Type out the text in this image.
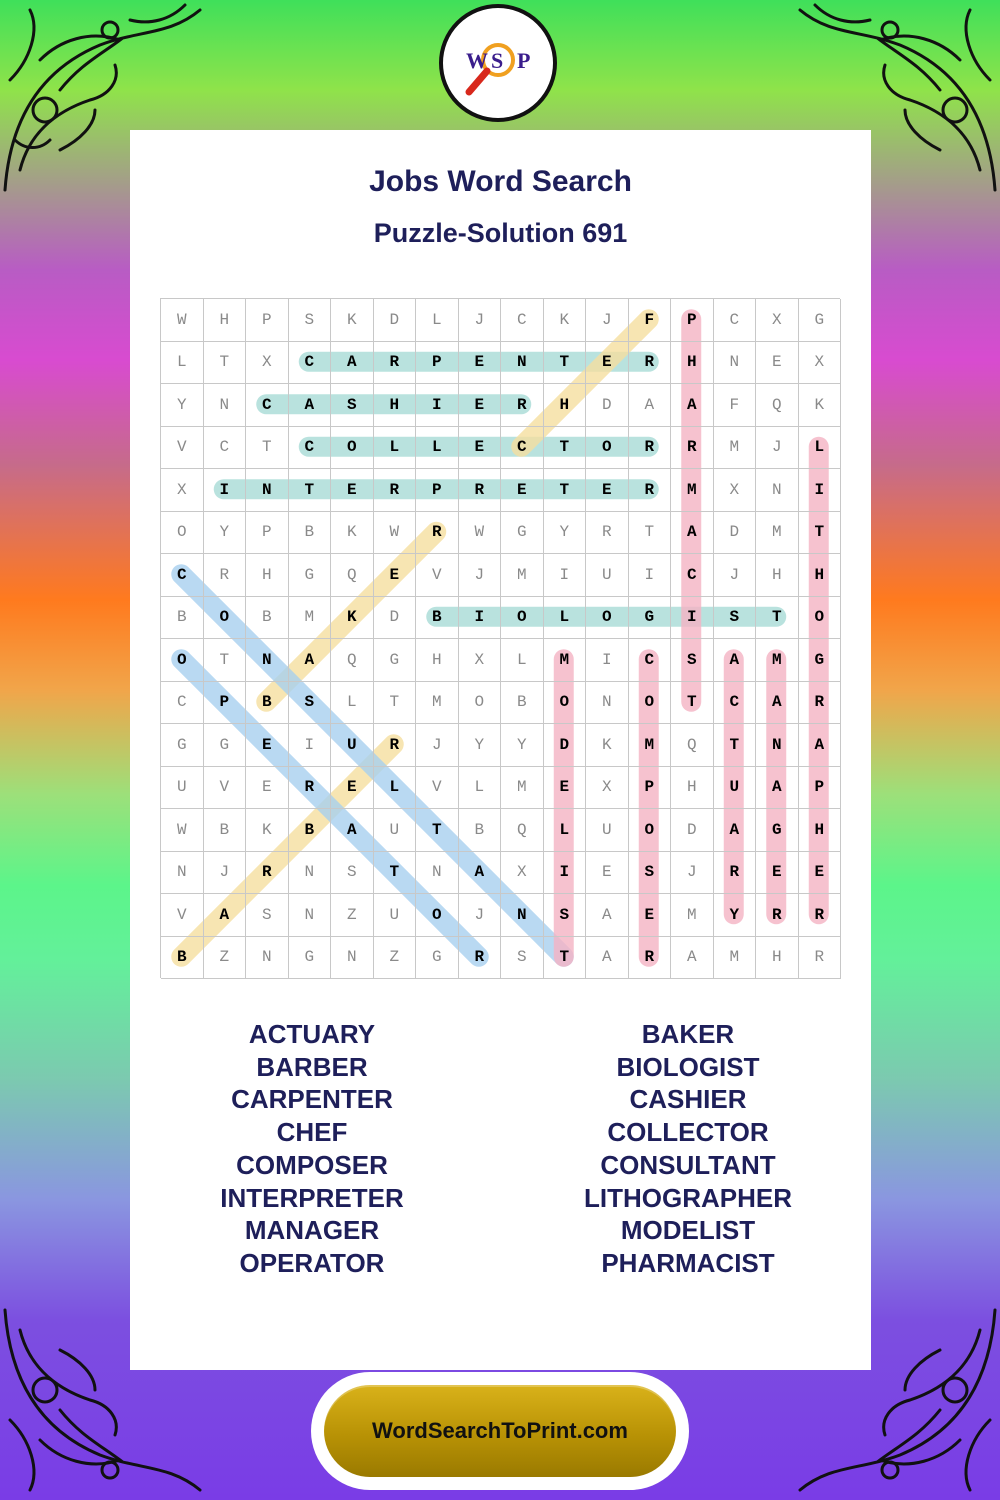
W S P
Jobs Word Search
Puzzle-Solution 691
W	H	P	S	K	D	L	J	C	K	J	F	P	C	X	G
L	T	X	C	A	R	P	E	N	T	E	R	H	N	E	X
Y	N	C	A	S	H	I	E	R	H	D	A	A	F	Q	K
V	C	T	C	O	L	L	E	C	T	O	R	R	M	J	L
X	I	N	T	E	R	P	R	E	T	E	R	M	X	N	I
O	Y	P	B	K	W	R	W	G	Y	R	T	A	D	M	T
C	R	H	G	Q	E	V	J	M	I	U	I	C	J	H	H
B	O	B	M	K	D	B	I	O	L	O	G	I	S	T	O
O	T	N	A	Q	G	H	X	L	M	I	C	S	A	M	G
C	P	B	S	L	T	M	O	B	O	N	O	T	C	A	R
G	G	E	I	U	R	J	Y	Y	D	K	M	Q	T	N	A
U	V	E	R	E	L	V	L	M	E	X	P	H	U	A	P
W	B	K	B	A	U	T	B	Q	L	U	O	D	A	G	H
N	J	R	N	S	T	N	A	X	I	E	S	J	R	E	E
V	A	S	N	Z	U	O	J	N	S	A	E	M	Y	R	R
B	Z	N	G	N	Z	G	R	S	T	A	R	A	M	H	R
ACTUARY
BARBER
CARPENTER
CHEF
COMPOSER
INTERPRETER
MANAGER
OPERATOR
BAKER
BIOLOGIST
CASHIER
COLLECTOR
CONSULTANT
LITHOGRAPHER
MODELIST
PHARMACIST
WordSearchToPrint.com
